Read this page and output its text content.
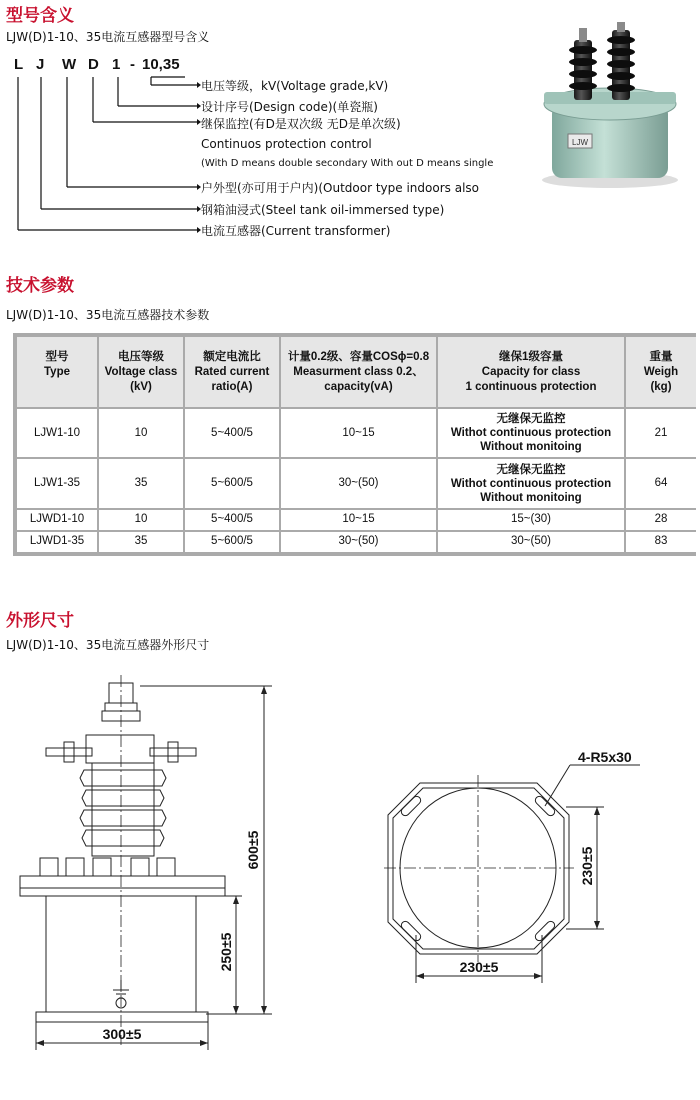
型号含义
LJW(D)1-10、35电流互感器型号含义
L J W D 1 - 10,35
电压等级，kV(Voltage grade,kV)
设计序号(Design code)(单瓷瓶)
继保监控(有D是双次级 无D是单次级)
Continuos protection control
(With D means double secondary With out D means single
户外型(亦可用于户内)(Outdoor type indoors also
钢箱油浸式(Steel tank oil-immersed type)
电流互感器(Current transformer)
LJW
技术参数
LJW(D)1-10、35电流互感器技术参数
型号
Type	电压等级
Voltage class
(kV)	额定电流比
Rated current
ratio(A)	计量0.2级、容量COSϕ=0.8
Measurment class 0.2、
capacity(vA)	继保1级容量
Capacity for class
1 continuous protection	重量
Weigh
(kg)

LJW1-10	10	5~400/5	10~15	无继保无监控
Withot continuous protection
Without monitoing	21
LJW1-35	35	5~600/5	30~(50)	无继保无监控
Withot continuous protection
Without monitoing	64
LJWD1-10	10	5~400/5	10~15	15~(30)	28
LJWD1-35	35	5~600/5	30~(50)	30~(50)	83
外形尺寸
LJW(D)1-10、35电流互感器外形尺寸
600±5
250±5
300±5
4-R5x30
230±5
230±5
